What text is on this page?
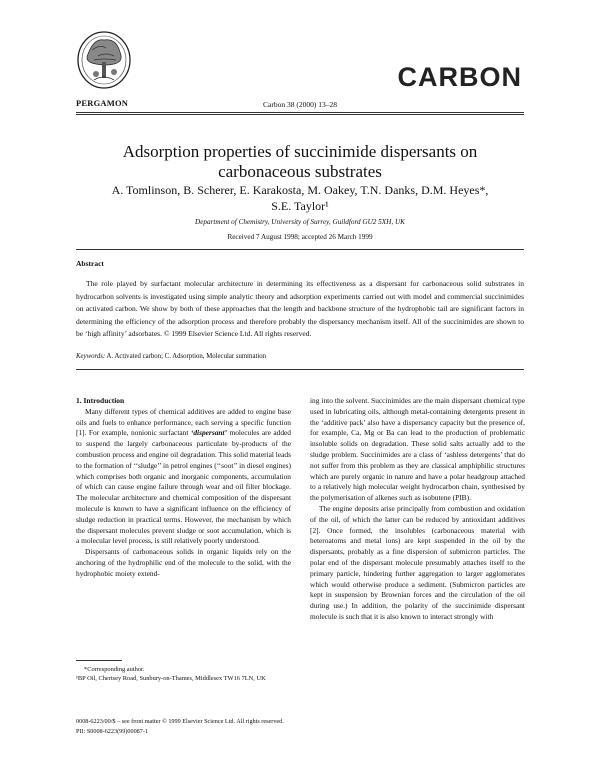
PERGAMON	Carbon 38 (2000) 13–28
CARBON
Adsorption properties of succinimide dispersants on
carbonaceous substrates
A. Tomlinson, B. Scherer, E. Karakosta, M. Oakey, T.N. Danks, D.M. Heyes*,
S.E. Taylor¹
Department of Chemistry, University of Surrey, Guildford GU2 5XH, UK
Received 7 August 1998; accepted 26 March 1999
Abstract

The role played by surfactant molecular architecture in determining its effectiveness as a dispersant for carbonaceous solid substrates in hydrocarbon solvents is investigated using simple analytic theory and adsorption experiments carried out with model and commercial succinimides on activated carbon. We show by both of these approaches that the length and backbone structure of the hydrophobic tail are significant factors in determining the efficiency of the adsorption process and therefore probably the dispersancy mechanism itself. All of the succinimides are shown to be ‘high affinity’ adsorbates. © 1999 Elsevier Science Ltd. All rights reserved.

Keywords: A. Activated carbon; C. Adsorption, Molecular summation

1. Introduction

Many different types of chemical additives are added to engine base oils and fuels to enhance performance, each serving a specific function [1]. For example, nonionic surfactant ‘dispersant’ molecules are added to suspend the largely carbonaceous particulate by-products of the combustion process and engine oil degradation. This solid material leads to the formation of ‘‘sludge’’ in petrol engines (‘‘soot’’ in diesel engines) which comprises both organic and inorganic components, accumulation of which can cause engine failure through wear and oil filter blockage. The molecular architecture and chemical composition of the dispersant molecule is known to have a significant influence on the efficiency of sludge reduction in practical terms. However, the mechanism by which the dispersant molecules prevent sludge or soot accumulation, which is a molecular level process, is still relatively poorly understood.

Dispersants of carbonaceous solids in organic liquids rely on the anchoring of the hydrophilic end of the molecule to the solid, with the hydrophobic moiety extend-

ing into the solvent. Succinimides are the main dispersant chemical type used in lubricating oils, although metal-containing detergents present in the ‘additive pack’ also have a dispersancy capacity but the presence of, for example, Ca, Mg or Ba can lead to the production of problematic insoluble solids on degradation. These solid salts actually add to the sludge problem. Succinimides are a class of ‘ashless detergents’ that do not suffer from this problem as they are classical amphiphilic structures which are purely organic in nature and have a polar headgroup attached to a relatively high molecular weight hydrocarbon chain, synthesised by the polymerisation of alkenes such as isobutene (PIB).

The engine deposits arise principally from combustion and oxidation of the oil, of which the latter can be reduced by antioxidant additives [2]. Once formed, the insolubles (carbonaceous material with heteroatoms and metal ions) are kept suspended in the oil by the dispersants, probably as a fine dispersion of submicron particles. The polar end of the dispersant molecule presumably attaches itself to the primary particle, hindering further aggregation to larger agglomerates which would otherwise produce a sediment. (Submicron particles are kept in suspension by Brownian forces and the circulation of the oil during use.) In addition, the polarity of the succinimide dispersant molecule is such that it is also known to interact strongly with

*Corresponding author.

¹BP Oil, Chertsey Road, Sunbury-on-Thames, Middlesex TW16 7LN, UK

0008-6223/00/$ – see front matter © 1999 Elsevier Science Ltd. All rights reserved.
PII: S0008-6223(99)00087-1
